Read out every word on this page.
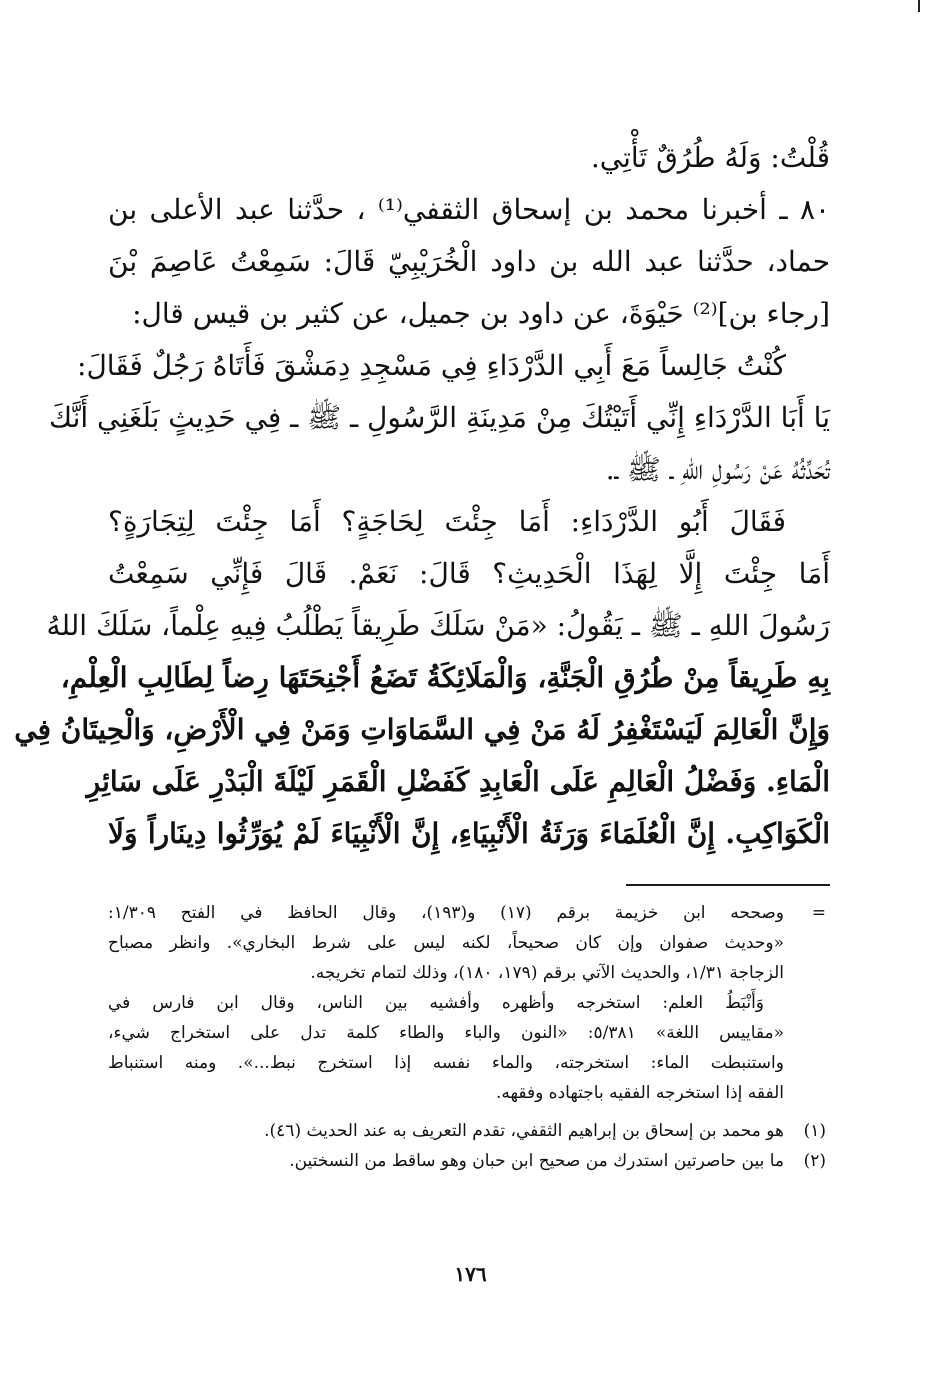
قُلْتُ: وَلَهُ طُرُقٌ تَأْتِي.
٨٠ ـ أخبرنا محمد بن إسحاق الثقفي⁽¹⁾ ، حدَّثنا عبد الأعلى بن
حماد، حدَّثنا عبد الله بن داود الْخُرَيْبِيّ قَالَ: سَمِعْتُ عَاصِمَ بْنَ
[رجاء بن]⁽²⁾ حَيْوَةَ، عن داود بن جميل، عن كثير بن قيس قال:
كُنْتُ جَالِساً مَعَ أَبِي الدَّرْدَاءِ فِي مَسْجِدِ دِمَشْقَ فَأَتَاهُ رَجُلٌ فَقَالَ:
يَا أَبَا الدَّرْدَاءِ إِنِّي أَتَيْتُكَ مِنْ مَدِينَةِ الرَّسُولِ ـ ﷺ ـ فِي حَدِيثٍ بَلَغَنِي أَنَّكَ
تُحَدِّثُهُ عَنْ رَسُولِ اللهِ ـ ﷺ ـ.
فَقَالَ أَبُو الدَّرْدَاءِ: أَمَا جِئْتَ لِحَاجَةٍ؟ أَمَا جِئْتَ لِتِجَارَةٍ؟
أَمَا جِئْتَ إِلَّا لِهَذَا الْحَدِيثِ؟ قَالَ: نَعَمْ. قَالَ فَإِنِّي سَمِعْتُ
رَسُولَ اللهِ ـ ﷺ ـ يَقُولُ: «مَنْ سَلَكَ طَرِيقاً يَطْلُبُ فِيهِ عِلْماً، سَلَكَ اللهُ
بِهِ طَرِيقاً مِنْ طُرُقِ الْجَنَّةِ، وَالْمَلَائِكَةُ تَضَعُ أَجْنِحَتَهَا رِضاً لِطَالِبِ الْعِلْمِ،
وَإِنَّ الْعَالِمَ لَيَسْتَغْفِرُ لَهُ مَنْ فِي السَّمَاوَاتِ وَمَنْ فِي الْأَرْضِ، وَالْحِيتَانُ فِي
الْمَاءِ. وَفَضْلُ الْعَالِمِ عَلَى الْعَابِدِ كَفَضْلِ الْقَمَرِ لَيْلَةَ الْبَدْرِ عَلَى سَائِرِ
الْكَوَاكِبِ. إِنَّ الْعُلَمَاءَ وَرَثَةُ الْأَنْبِيَاءِ، إِنَّ الْأَنْبِيَاءَ لَمْ يُوَرِّثُوا دِينَاراً وَلَا
=
وصححه ابن خزيمة برقم (١٧) و(١٩٣)، وقال الحافظ في الفتح ١/٣٠٩:
«وحديث صفوان وإن كان صحيحاً، لكنه ليس على شرط البخاري». وانظر مصباح
الزجاجة ١/٣١، والحديث الآتي برقم (١٧٩، ١٨٠)، وذلك لتمام تخريجه.
وَأَنْبَطُ العلم: استخرجه وأظهره وأفشيه بين الناس، وقال ابن فارس في
«مقاييس اللغة» ٥/٣٨١: «النون والباء والطاء كلمة تدل على استخراج شيء،
واستنبطت الماء: استخرجته، والماء نفسه إذا استخرج نبط...». ومنه استنباط
الفقه إذا استخرجه الفقيه باجتهاده وفقهه.
(١)
هو محمد بن إسحاق بن إبراهيم الثقفي، تقدم التعريف به عند الحديث (٤٦).
(٢)
ما بين حاصرتين استدرك من صحيح ابن حبان وهو ساقط من النسختين.
١٧٦
